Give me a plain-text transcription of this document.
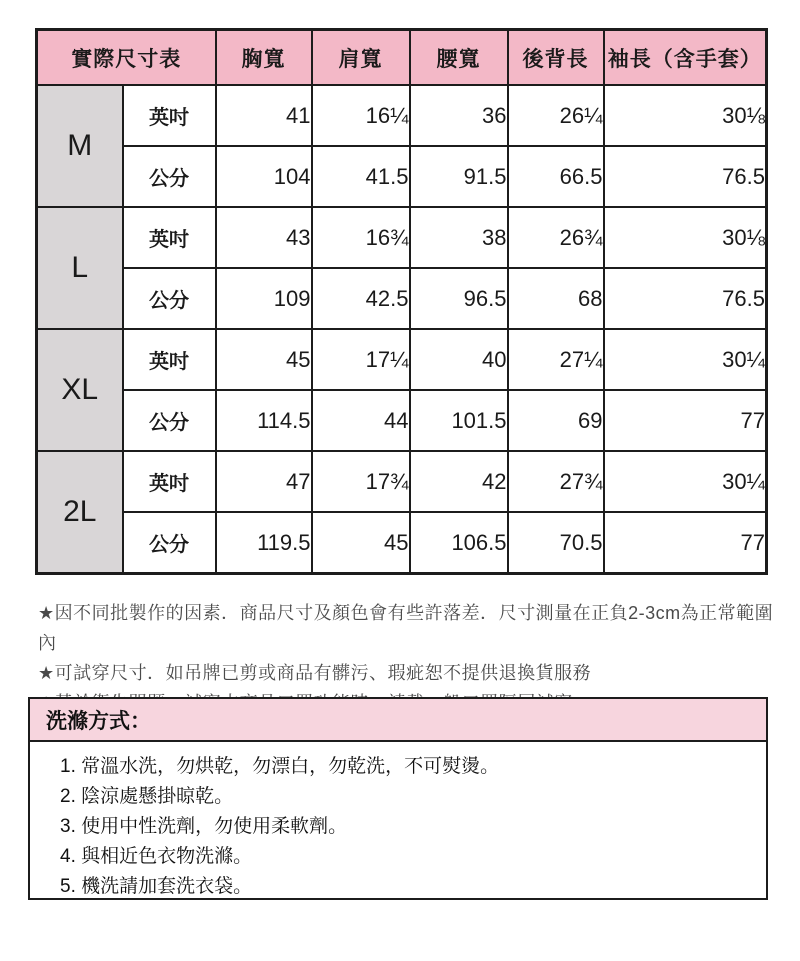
實際尺寸表		胸寬	肩寬	腰寬	後背長	袖長（含手套）
M	英吋	41	16¼	36	26¼	30⅛
	公分	104	41.5	91.5	66.5	76.5
L	英吋	43	16¾	38	26¾	30⅛
	公分	109	42.5	96.5	68	76.5
XL	英吋	45	17¼	40	27¼	30¼
	公分	114.5	44	101.5	69	77
2L	英吋	47	17¾	42	27¾	30¼
	公分	119.5	45	106.5	70.5	77
★因不同批製作的因素．商品尺寸及顏色會有些許落差．尺寸測量在正負2-3cm為正常範圍內
★可試穿尺寸．如吊牌已剪或商品有髒污、瑕疵恕不提供退換貨服務
洗滌方式：
1. 常溫水洗，勿烘乾，勿漂白，勿乾洗，不可熨燙。
2. 陰涼處懸掛晾乾。
3. 使用中性洗劑，勿使用柔軟劑。
4. 與相近色衣物洗滌。
5. 機洗請加套洗衣袋。
